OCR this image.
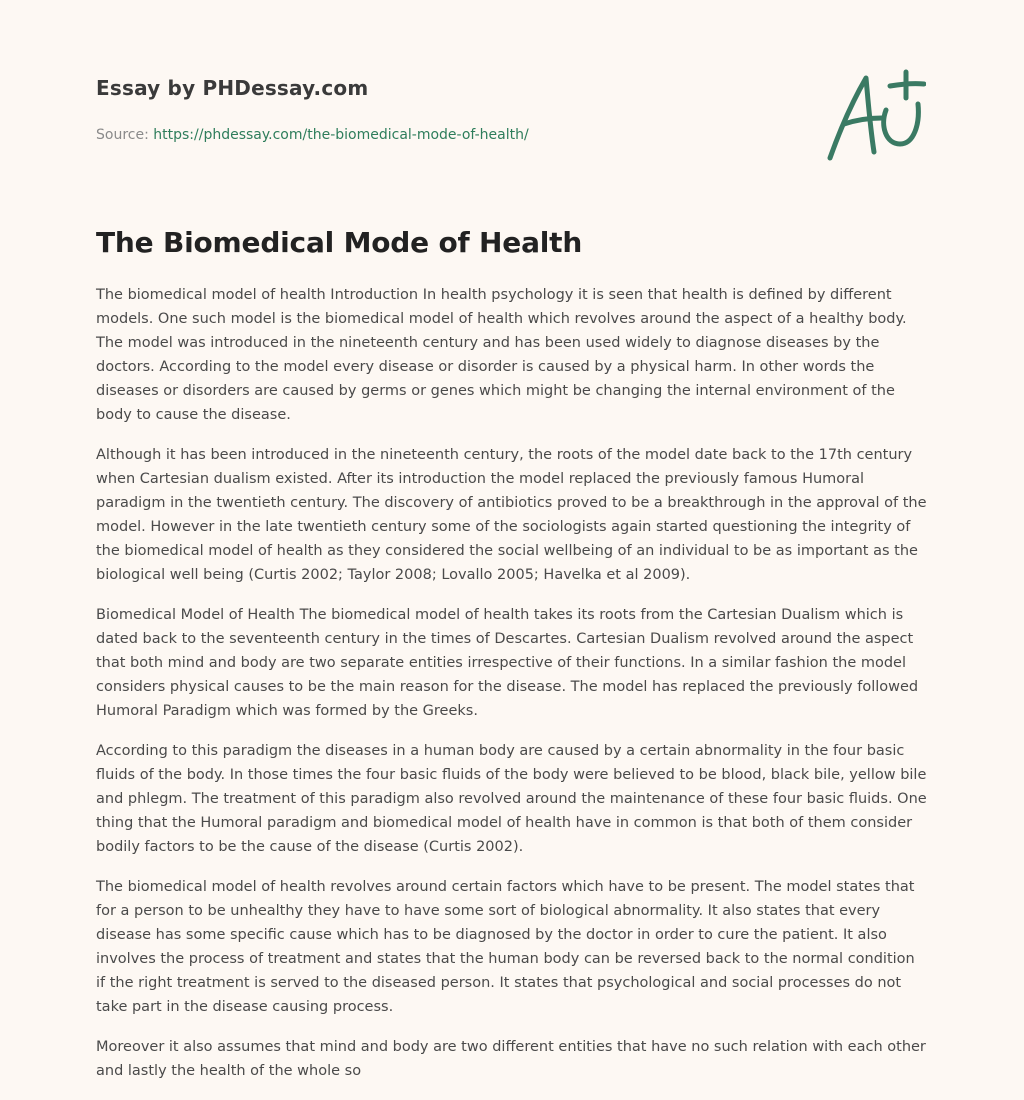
Essay by PHDessay.com
Source: https://phdessay.com/the-biomedical-mode-of-health/
The Biomedical Mode of Health

The biomedical model of health Introduction In health psychology it is seen that health is defined by different models. One such model is the biomedical model of health which revolves around the aspect of a healthy body. The model was introduced in the nineteenth century and has been used widely to diagnose diseases by the doctors. According to the model every disease or disorder is caused by a physical harm. In other words the diseases or disorders are caused by germs or genes which might be changing the internal environment of the body to cause the disease.

Although it has been introduced in the nineteenth century, the roots of the model date back to the 17th century when Cartesian dualism existed. After its introduction the model replaced the previously famous Humoral paradigm in the twentieth century. The discovery of antibiotics proved to be a breakthrough in the approval of the model. However in the late twentieth century some of the sociologists again started questioning the integrity of the biomedical model of health as they considered the social wellbeing of an individual to be as important as the biological well being (Curtis 2002; Taylor 2008; Lovallo 2005; Havelka et al 2009).

Biomedical Model of Health The biomedical model of health takes its roots from the Cartesian Dualism which is dated back to the seventeenth century in the times of Descartes. Cartesian Dualism revolved around the aspect that both mind and body are two separate entities irrespective of their functions. In a similar fashion the model considers physical causes to be the main reason for the disease. The model has replaced the previously followed Humoral Paradigm which was formed by the Greeks.

According to this paradigm the diseases in a human body are caused by a certain abnormality in the four basic fluids of the body. In those times the four basic fluids of the body were believed to be blood, black bile, yellow bile and phlegm. The treatment of this paradigm also revolved around the maintenance of these four basic fluids. One thing that the Humoral paradigm and biomedical model of health have in common is that both of them consider bodily factors to be the cause of the disease (Curtis 2002).

The biomedical model of health revolves around certain factors which have to be present. The model states that for a person to be unhealthy they have to have some sort of biological abnormality. It also states that every disease has some specific cause which has to be diagnosed by the doctor in order to cure the patient. It also involves the process of treatment and states that the human body can be reversed back to the normal condition if the right treatment is served to the diseased person. It states that psychological and social processes do not take part in the disease causing process.

Moreover it also assumes that mind and body are two different entities that have no such relation with each other and lastly the health of the whole so
